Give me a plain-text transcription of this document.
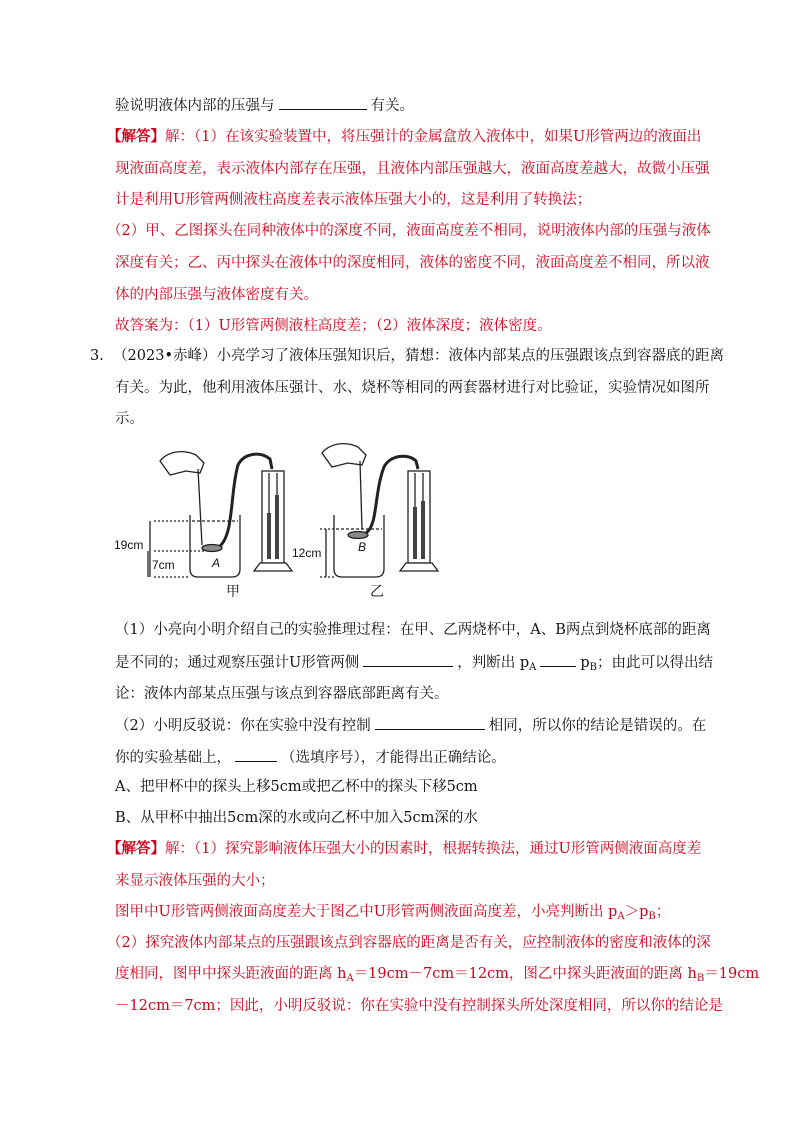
验说明液体内部的压强与	有关。
【解答】解：（1）在该实验装置中，将压强计的金属盒放入液体中，如果U形管两边的液面出
现液面高度差，表示液体内部存在压强，且液体内部压强越大，液面高度差越大，故微小压强
计是利用U形管两侧液柱高度差表示液体压强大小的，这是利用了转换法；
（2）甲、乙图探头在同种液体中的深度不同，液面高度差不相同，说明液体内部的压强与液体
深度有关；乙、丙中探头在液体中的深度相同，液体的密度不同，液面高度差不相同，所以液
体的内部压强与液体密度有关。
故答案为：（1）U形管两侧液柱高度差；（2）液体深度；液体密度。
3. （2023•赤峰）小亮学习了液体压强知识后，猜想：液体内部某点的压强跟该点到容器底的距离
有关。为此，他利用液体压强计、水、烧杯等相同的两套器材进行对比验证，实验情况如图所
示。
19cm
7cm	A
甲
12cm	B
乙
（1）小亮向小明介绍自己的实验推理过程：在甲、乙两烧杯中，A、B两点到烧杯底部的距离
是不同的；通过观察压强计U形管两侧	，判断出 $p_A$	$p_B$；由此可以得出结
论：液体内部某点压强与该点到容器底部距离有关。
（2）小明反驳说：你在实验中没有控制	相同，所以你的结论是错误的。在
你的实验基础上，	（选填序号），才能得出正确结论。
A、把甲杯中的探头上移5cm或把乙杯中的探头下移5cm
B、从甲杯中抽出5cm深的水或向乙杯中加入5cm深的水
【解答】解：（1）探究影响液体压强大小的因素时，根据转换法，通过U形管两侧液面高度差
来显示液体压强的大小；
图甲中U形管两侧液面高度差大于图乙中U形管两侧液面高度差，小亮判断出 $p_A>p_B$；
（2）探究液体内部某点的压强跟该点到容器底的距离是否有关，应控制液体的密度和液体的深
度相同，图甲中探头距液面的距离 $h_A=19cm-7cm=12cm$，图乙中探头距液面的距离 $h_B=19cm$
－12cm＝7cm；因此，小明反驳说：你在实验中没有控制探头所处深度相同，所以你的结论是
